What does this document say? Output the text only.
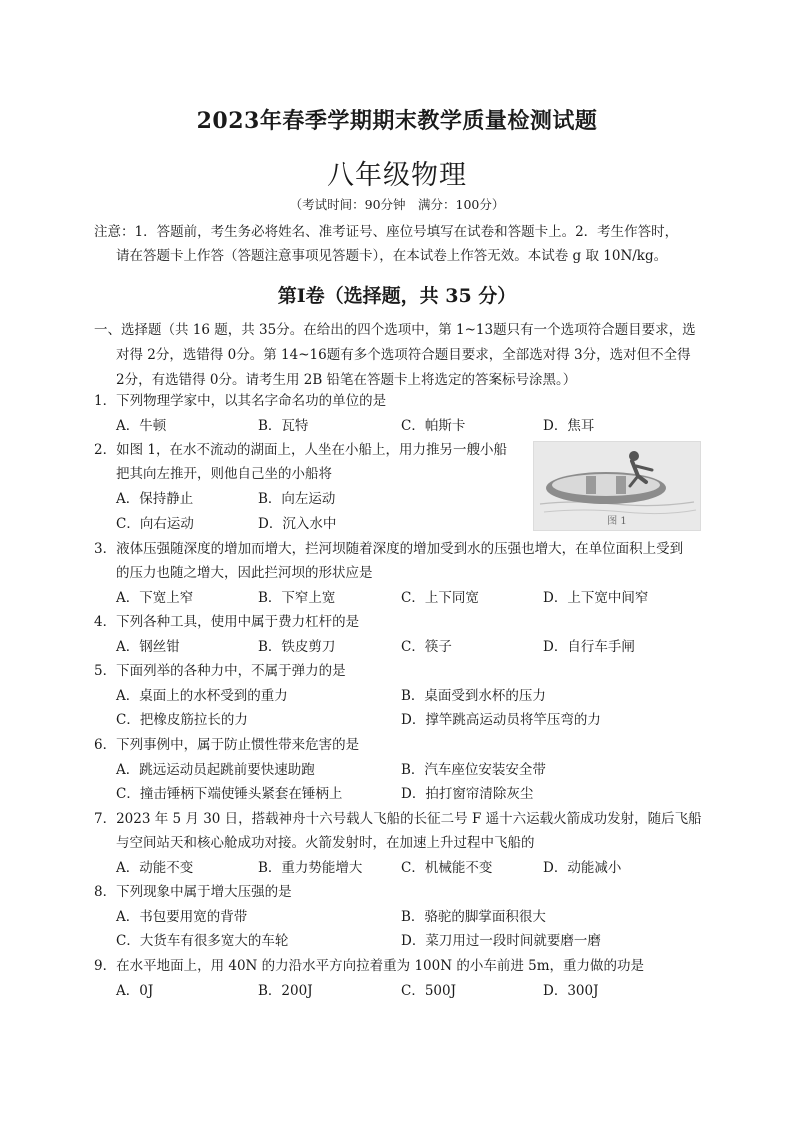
2023年春季学期期末教学质量检测试题
八年级物理
（考试时间：90分钟　满分：100分）
注意：1．答题前，考生务必将姓名、准考证号、座位号填写在试卷和答题卡上。2．考生作答时，
请在答题卡上作答（答题注意事项见答题卡），在本试卷上作答无效。本试卷 g 取 10N/kg。
第Ⅰ卷（选择题，共 35 分）
一、选择题（共 16 题，共 35分。在给出的四个选项中，第 1~13题只有一个选项符合题目要求，选
对得 2分，选错得 0分。第 14~16题有多个选项符合题目要求，全部选对得 3分，选对但不全得
2分，有选错得 0分。请考生用 2B 铅笔在答题卡上将选定的答案标号涂黑。）
1．下列物理学家中，以其名字命名功的单位的是
A．牛顿	B．瓦特	C．帕斯卡	D．焦耳
2．如图 1，在水不流动的湖面上，人坐在小船上，用力推另一艘小船
把其向左推开，则他自己坐的小船将
A．保持静止	B．向左运动
C．向右运动	D．沉入水中	图 1
3．液体压强随深度的增加而增大，拦河坝随着深度的增加受到水的压强也增大，在单位面积上受到
的压力也随之增大，因此拦河坝的形状应是
A．下宽上窄	B．下窄上宽	C．上下同宽	D．上下宽中间窄
4．下列各种工具，使用中属于费力杠杆的是
A．钢丝钳	B．铁皮剪刀	C．筷子	D．自行车手闸
5．下面列举的各种力中，不属于弹力的是
A．桌面上的水杯受到的重力	B．桌面受到水杯的压力
C．把橡皮筋拉长的力	D．撑竿跳高运动员将竿压弯的力
6．下列事例中，属于防止惯性带来危害的是
A．跳远运动员起跳前要快速助跑	B．汽车座位安装安全带
C．撞击锤柄下端使锤头紧套在锤柄上	D．拍打窗帘清除灰尘
7．2023 年 5 月 30 日，搭载神舟十六号载人飞船的长征二号 F 遥十六运载火箭成功发射，随后飞船
与空间站天和核心舱成功对接。火箭发射时，在加速上升过程中飞船的
A．动能不变	B．重力势能增大	C．机械能不变	D．动能减小
8．下列现象中属于增大压强的是
A．书包要用宽的背带	B．骆驼的脚掌面积很大
C．大货车有很多宽大的车轮	D．菜刀用过一段时间就要磨一磨
9．在水平地面上，用 40N 的力沿水平方向拉着重为 100N 的小车前进 5m，重力做的功是
A．0J	B．200J	C．500J	D．300J
